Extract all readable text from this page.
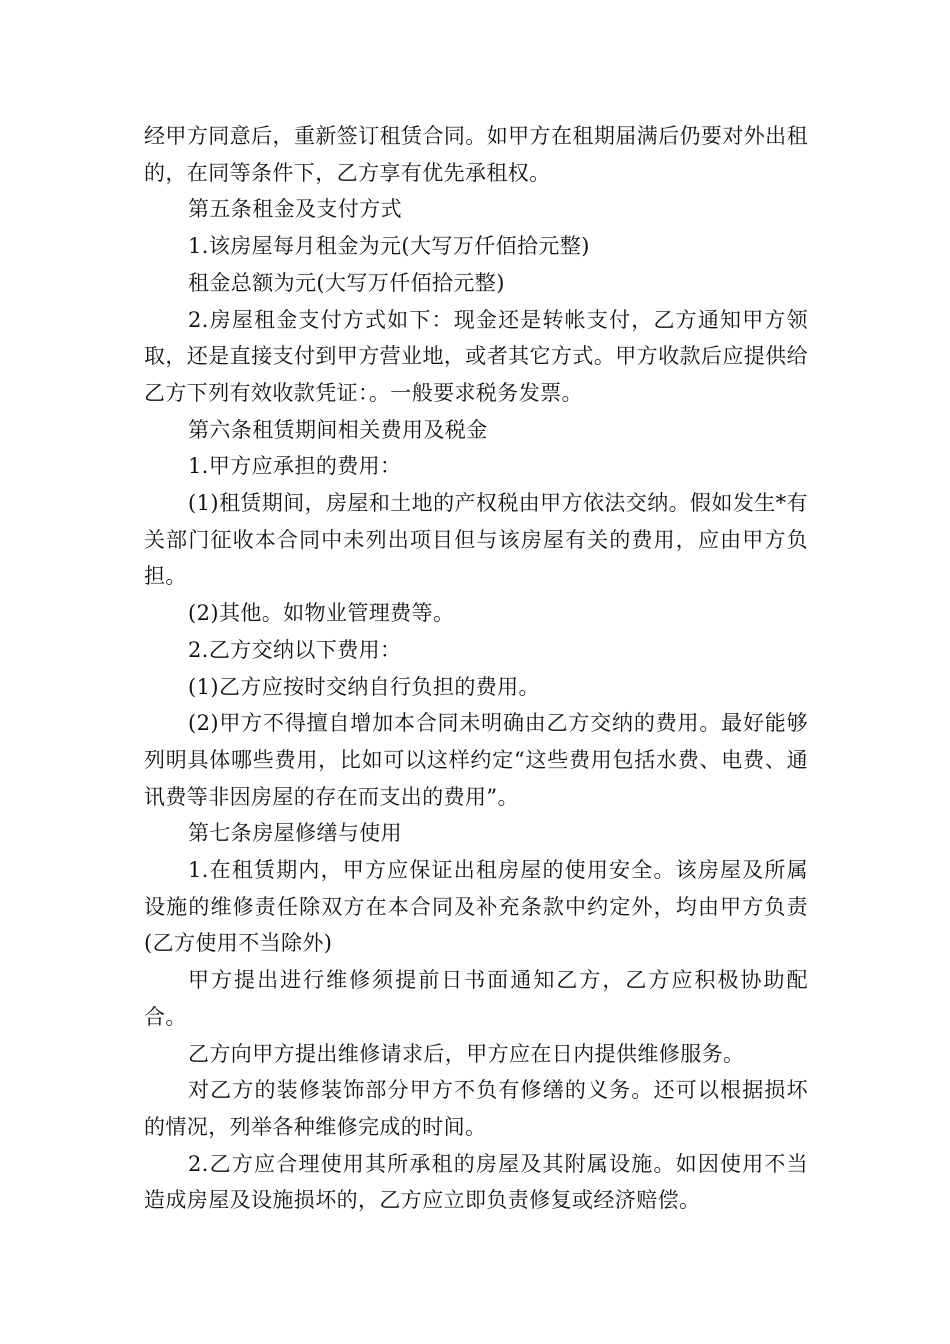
经甲方同意后，重新签订租赁合同。如甲方在租期届满后仍要对外出租的，在同等条件下，乙方享有优先承租权。

第五条租金及支付方式

1.该房屋每月租金为元(大写万仟佰拾元整)

租金总额为元(大写万仟佰拾元整)

2.房屋租金支付方式如下：现金还是转帐支付，乙方通知甲方领取，还是直接支付到甲方营业地，或者其它方式。甲方收款后应提供给乙方下列有效收款凭证：。一般要求税务发票。

第六条租赁期间相关费用及税金

1.甲方应承担的费用：

(1)租赁期间，房屋和土地的产权税由甲方依法交纳。假如发生*有关部门征收本合同中未列出项目但与该房屋有关的费用，应由甲方负担。

(2)其他。如物业管理费等。

2.乙方交纳以下费用：

(1)乙方应按时交纳自行负担的费用。

(2)甲方不得擅自增加本合同未明确由乙方交纳的费用。最好能够列明具体哪些费用，比如可以这样约定“这些费用包括水费、电费、通讯费等非因房屋的存在而支出的费用”。

第七条房屋修缮与使用

1.在租赁期内，甲方应保证出租房屋的使用安全。该房屋及所属设施的维修责任除双方在本合同及补充条款中约定外，均由甲方负责(乙方使用不当除外)

甲方提出进行维修须提前日书面通知乙方，乙方应积极协助配合。

乙方向甲方提出维修请求后，甲方应在日内提供维修服务。

对乙方的装修装饰部分甲方不负有修缮的义务。还可以根据损坏的情况，列举各种维修完成的时间。

2.乙方应合理使用其所承租的房屋及其附属设施。如因使用不当造成房屋及设施损坏的，乙方应立即负责修复或经济赔偿。
